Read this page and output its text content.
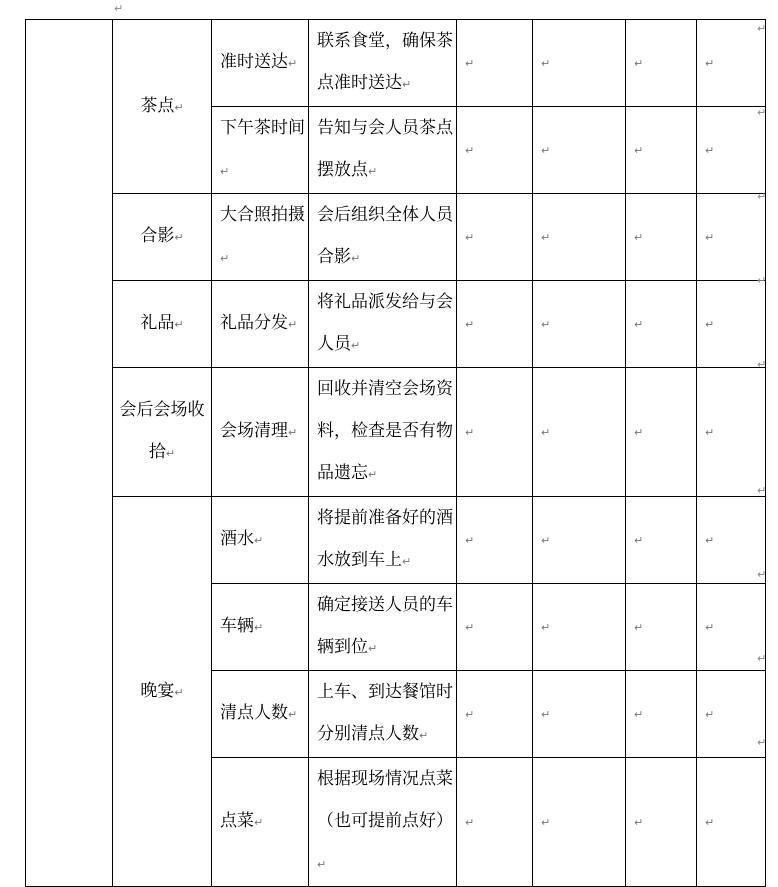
↵
	茶点↵	准时送达↵	联系食堂，确保茶点准时送达↵	↵	↵	↵	↵
		下午茶时间↵	告知与会人员茶点摆放点↵	↵	↵	↵	↵
	合影↵	大合照拍摄↵	会后组织全体人员合影↵	↵	↵	↵	↵
	礼品↵	礼品分发↵	将礼品派发给与会人员↵	↵	↵	↵	↵
	会后会场收拾↵	会场清理↵	回收并清空会场资料，检查是否有物品遗忘↵	↵	↵	↵	↵
	晚宴↵	酒水↵	将提前准备好的酒水放到车上↵	↵	↵	↵	↵
		车辆↵	确定接送人员的车辆到位↵	↵	↵	↵	↵
		清点人数↵	上车、到达餐馆时分别清点人数↵	↵	↵	↵	↵
		点菜↵	根据现场情况点菜（也可提前点好）↵	↵	↵	↵	↵
↵
↵
↵
↵
↵
↵
↵
↵
↵
